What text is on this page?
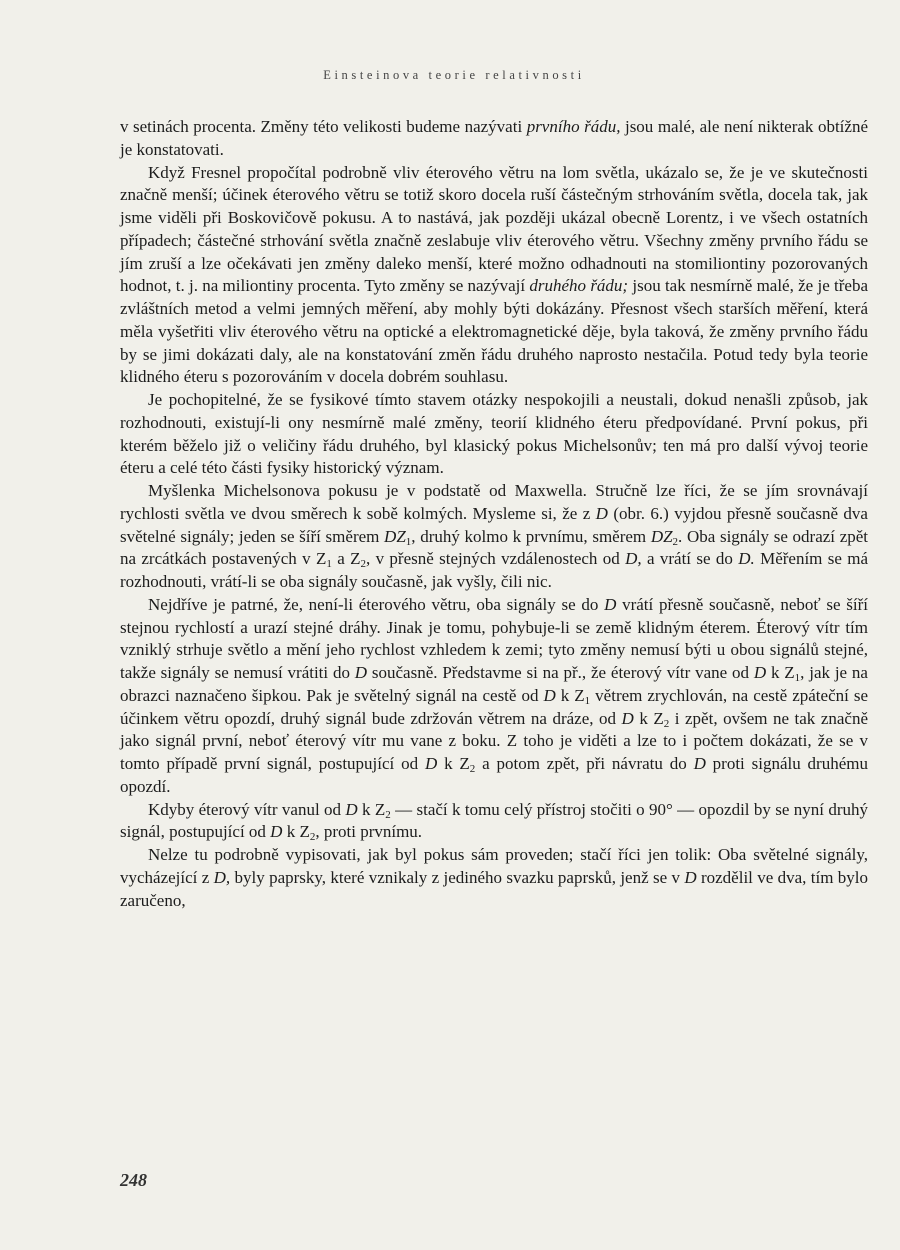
Einsteinova teorie relativnosti

v setinách procenta. Změny této velikosti budeme nazývati prvního řádu, jsou malé, ale není nikterak obtížné je konstatovati.

Když Fresnel propočítal podrobně vliv éterového větru na lom světla, ukázalo se, že je ve skutečnosti značně menší; účinek éterového větru se totiž skoro docela ruší částečným strhováním světla, docela tak, jak jsme viděli při Boskovičově pokusu. A to nastává, jak později ukázal obecně Lorentz, i ve všech ostatních případech; částečné strhování světla značně zeslabuje vliv éterového větru. Všechny změny prvního řádu se jím zruší a lze očekávati jen změny daleko menší, které možno odhadnouti na stomiliontiny pozorovaných hodnot, t. j. na miliontiny procenta. Tyto změny se nazývají druhého řádu; jsou tak nesmírně malé, že je třeba zvláštních metod a velmi jemných měření, aby mohly býti dokázány. Přesnost všech starších měření, která měla vyšetřiti vliv éterového větru na optické a elektromagnetické děje, byla taková, že změny prvního řádu by se jimi dokázati daly, ale na konstatování změn řádu druhého naprosto nestačila. Potud tedy byla teorie klidného éteru s pozorováním v docela dobrém souhlasu.

Je pochopitelné, že se fysikové tímto stavem otázky nespokojili a neustali, dokud nenašli způsob, jak rozhodnouti, existují-li ony nesmírně malé změny, teorií klidného éteru předpovídané. První pokus, při kterém běželo již o veličiny řádu druhého, byl klasický pokus Michelsonův; ten má pro další vývoj teorie éteru a celé této části fysiky historický význam.

Myšlenka Michelsonova pokusu je v podstatě od Maxwella. Stručně lze říci, že se jím srovnávají rychlosti světla ve dvou směrech k sobě kolmých. Mysleme si, že z D (obr. 6.) vyjdou přesně současně dva světelné signály; jeden se šíří směrem $DZ_1$, druhý kolmo k prvnímu, směrem $DZ_2$. Oba signály se odrazí zpět na zrcátkách postavených v $Z_1$ a $Z_2$, v přesně stejných vzdálenostech od D, a vrátí se do D. Měřením se má rozhodnouti, vrátí-li se oba signály současně, jak vyšly, čili nic.

Nejdříve je patrné, že, není-li éterového větru, oba signály se do D vrátí přesně současně, neboť se šíří stejnou rychlostí a urazí stejné dráhy. Jinak je tomu, pohybuje-li se země klidným éterem. Éterový vítr tím vzniklý strhuje světlo a mění jeho rychlost vzhledem k zemi; tyto změny nemusí býti u obou signálů stejné, takže signály se nemusí vrátiti do D současně. Představme si na př., že éterový vítr vane od D k $Z_1$, jak je na obrazci naznačeno šipkou. Pak je světelný signál na cestě od D k $Z_1$ větrem zrychlován, na cestě zpáteční se účinkem větru opozdí, druhý signál bude zdržován větrem na dráze, od D k $Z_2$ i zpět, ovšem ne tak značně jako signál první, neboť éterový vítr mu vane z boku. Z toho je viděti a lze to i počtem dokázati, že se v tomto případě první signál, postupující od D k $Z_2$ a potom zpět, při návratu do D proti signálu druhému opozdí.

Kdyby éterový vítr vanul od D k $Z_2$ — stačí k tomu celý přístroj stočiti o 90° — opozdil by se nyní druhý signál, postupující od D k $Z_2$, proti prvnímu.

Nelze tu podrobně vypisovati, jak byl pokus sám proveden; stačí říci jen tolik: Oba světelné signály, vycházející z D, byly paprsky, které vznikaly z jediného svazku paprsků, jenž se v D rozdělil ve dva, tím bylo zaručeno,

248
